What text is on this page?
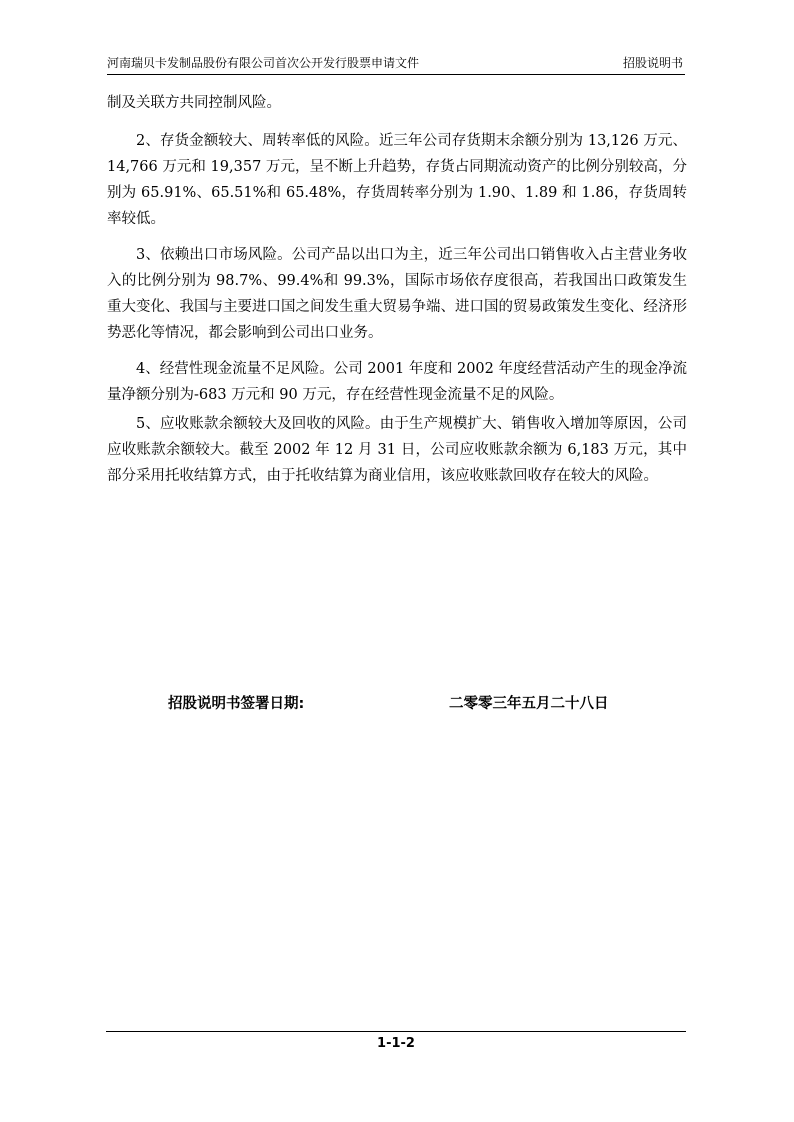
河南瑞贝卡发制品股份有限公司首次公开发行股票申请文件	招股说明书

制及关联方共同控制风险。

2、存货金额较大、周转率低的风险。近三年公司存货期末余额分别为 13,126 万元、14,766 万元和 19,357 万元，呈不断上升趋势，存货占同期流动资产的比例分别较高，分别为 65.91%、65.51%和 65.48%，存货周转率分别为 1.90、1.89 和 1.86，存货周转率较低。

3、依赖出口市场风险。公司产品以出口为主，近三年公司出口销售收入占主营业务收入的比例分别为 98.7%、99.4%和 99.3%，国际市场依存度很高，若我国出口政策发生重大变化、我国与主要进口国之间发生重大贸易争端、进口国的贸易政策发生变化、经济形势恶化等情况，都会影响到公司出口业务。

4、经营性现金流量不足风险。公司 2001 年度和 2002 年度经营活动产生的现金净流量净额分别为-683 万元和 90 万元，存在经营性现金流量不足的风险。

5、应收账款余额较大及回收的风险。由于生产规模扩大、销售收入增加等原因，公司应收账款余额较大。截至 2002 年 12 月 31 日，公司应收账款余额为 6,183 万元，其中部分采用托收结算方式，由于托收结算为商业信用，该应收账款回收存在较大的风险。

招股说明书签署日期:	二零零三年五月二十八日
1-1-2
